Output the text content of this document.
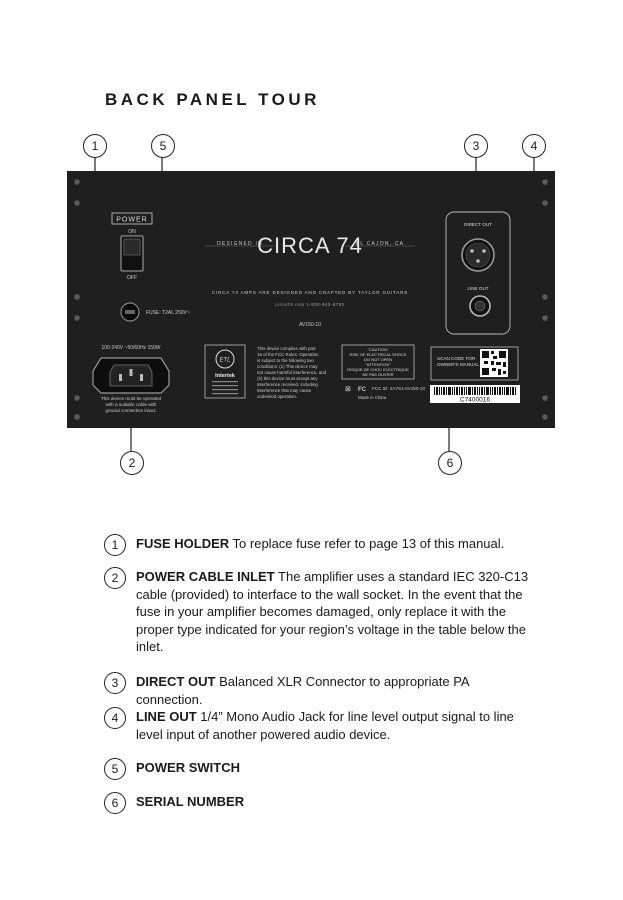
BACK PANEL TOUR
1	5	3	4
2	6
POWER
ON
OFF
FUSE: T2AL 250V~
DESIGNED IN	EL CAJON, CA
CIRCA 74
CIRCA 74 AMPS ARE DESIGNED AND CRAFTED BY TAYLOR GUITARS
circa74.com 1-800-943-6782
AV150-10
DIRECT OUT
LINE OUT
100-240V ~50/60Hz 150W
This device must be operated
with a suitable cable with
ground connection intact.
ETL
Intertek
This device complies with part
15 of the FCC Rules. Operation
is subject to the following two
conditions: (1) This device may
not cause harmful interference, and
(2) this device must accept any
interference received, including
interference that may cause
undesired operation.
"CAUTION"
RISK OF ELECTRICAL SHOCK
DO NOT OPEN
"ATTENTION"
RISQUE DE CHOC ELECTRIQUE
NE PAS OUVRIR
⊠ FC FCC ID: 2A7SJ-AV150-10
Made in China
SCAN CODE FOR
OWNER'S MANUAL
C7400016
1	FUSE HOLDER To replace fuse refer to page 13 of this manual.
2	POWER CABLE INLET The amplifier uses a standard IEC 320-C13
cable (provided) to interface to the wall socket. In the event that the
fuse in your amplifier becomes damaged, only replace it with the
proper type indicated for your region’s voltage in the table below the
inlet.
3	DIRECT OUT Balanced XLR Connector to appropriate PA connection.
4	LINE OUT 1/4” Mono Audio Jack for line level output signal to line
level input of another powered audio device.
5	POWER SWITCH
6	SERIAL NUMBER
